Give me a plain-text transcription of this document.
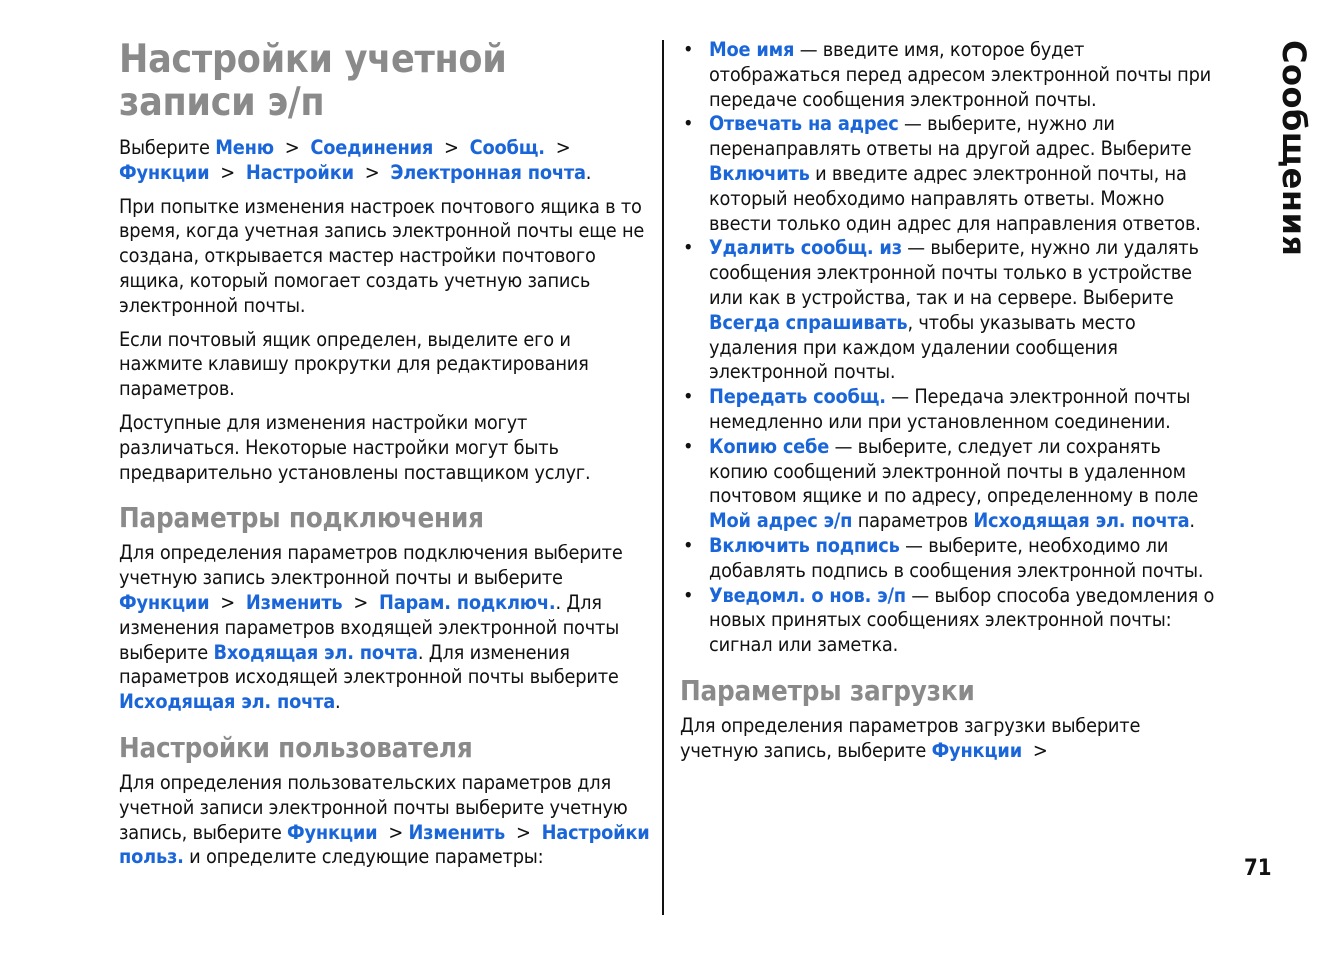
Настройки учетной записи э/п

Выберите Меню > Соединения > Сообщ. > Функции > Настройки > Электронная почта.

При попытке изменения настроек почтового ящика в то время, когда учетная запись электронной почты еще не создана, открывается мастер настройки почтового ящика, который помогает создать учетную запись электронной почты.

Если почтовый ящик определен, выделите его и нажмите клавишу прокрутки для редактирования параметров.

Доступные для изменения настройки могут различаться. Некоторые настройки могут быть предварительно установлены поставщиком услуг.

Параметры подключения

Для определения параметров подключения выберите учетную запись электронной почты и выберите Функции > Изменить > Парам. подключ.. Для изменения параметров входящей электронной почты выберите Входящая эл. почта. Для изменения параметров исходящей электронной почты выберите Исходящая эл. почта.

Настройки пользователя

Для определения пользовательских параметров для учетной записи электронной почты выберите учетную запись, выберите Функции > Изменить > Настройки польз. и определите следующие параметры:

• Мое имя — введите имя, которое будет отображаться перед адресом электронной почты при передаче сообщения электронной почты.
• Отвечать на адрес — выберите, нужно ли перенаправлять ответы на другой адрес. Выберите Включить и введите адрес электронной почты, на который необходимо направлять ответы. Можно ввести только один адрес для направления ответов.
• Удалить сообщ. из — выберите, нужно ли удалять сообщения электронной почты только в устройстве или как в устройства, так и на сервере. Выберите Всегда спрашивать, чтобы указывать место удаления при каждом удалении сообщения электронной почты.
• Передать сообщ. — Передача электронной почты немедленно или при установленном соединении.
• Копию себе — выберите, следует ли сохранять копию сообщений электронной почты в удаленном почтовом ящике и по адресу, определенному в поле Мой адрес э/п параметров Исходящая эл. почта.
• Включить подпись — выберите, необходимо ли добавлять подпись в сообщения электронной почты.
• Уведомл. о нов. э/п — выбор способа уведомления о новых принятых сообщениях электронной почты: сигнал или заметка.
Параметры загрузки

Для определения параметров загрузки выберите учетную запись, выберите Функции >

Сообщения
71
